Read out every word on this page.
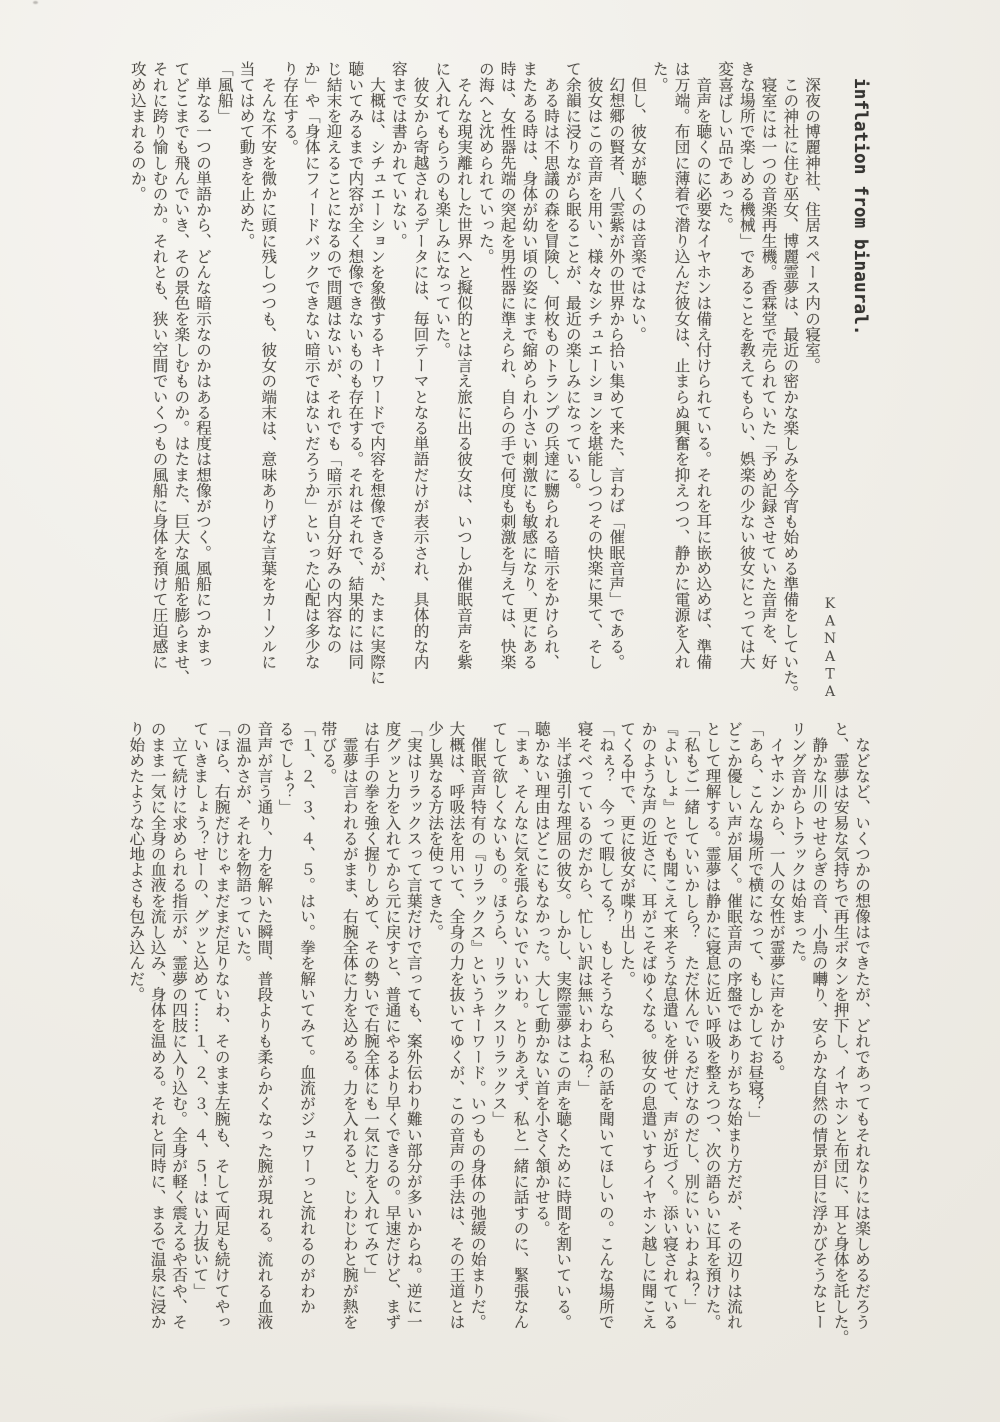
inflation from binaural.
KANATA
　深夜の博麗神社、住居スペース内の寝室。
　この神社に住む巫女、博麗霊夢は、最近の密かな楽しみを今宵も始める準備をしていた。
　寝室には一つの音楽再生機。香霖堂で売られていた「予め記録させていた音声を、好
きな場所で楽しめる機械」であることを教えてもらい、娯楽の少ない彼女にとっては大
変喜ばしい品であった。
　音声を聴くのに必要なイヤホンは備え付けられている。それを耳に嵌め込めば、準備
は万端。布団に薄着で潜り込んだ彼女は、止まらぬ興奮を抑えつつ、静かに電源を入れ
た。
　但し、彼女が聴くのは音楽ではない。
　幻想郷の賢者、八雲紫が外の世界から拾い集めて来た、言わば「催眠音声」である。
　彼女はこの音声を用い、様々なシチュエーションを堪能しつつその快楽に果て、そし
て余韻に浸りながら眠ることが、最近の楽しみになっている。
　ある時は不思議の森を冒険し、何枚ものトランプの兵達に嬲られる暗示をかけられ、
またある時は、身体が幼い頃の姿にまで縮められ小さい刺激にも敏感になり、更にある
時は、女性器先端の突起を男性器に準えられ、自らの手で何度も刺激を与えては、快楽
の海へと沈められていった。
　そんな現実離れした世界へと擬似的とは言え旅に出る彼女は、いつしか催眠音声を紫
に入れてもらうのも楽しみになっていた。
　彼女から寄越されるデータには、毎回テーマとなる単語だけが表示され、具体的な内
容までは書かれていない。
　大概は、シチュエーションを象徴するキーワードで内容を想像できるが、たまに実際に
聴いてみるまで内容が全く想像できないものも存在する。それはそれで、結果的には同
じ結末を迎えることになるので問題はないが、それでも「暗示が自分好みの内容なの
か」や「身体にフィードバックできない暗示ではないだろうか」といった心配は多少な
り存在する。
　そんな不安を微かに頭に残しつつも、彼女の端末は、意味ありげな言葉をカーソルに
当てはめて動きを止めた。
「風船」
　単なる一つの単語から、どんな暗示なのかはある程度は想像がつく。風船につかまっ
てどこまでも飛んでいき、その景色を楽しむものか。はたまた、巨大な風船を膨らませ、
それに跨り愉しむのか。それとも、狭い空間でいくつもの風船に身体を預けて圧迫感に
攻め込まれるのか。
　などなど、いくつかの想像はできたが、どれであってもそれなりには楽しめるだろう
と、霊夢は安易な気持ちで再生ボタンを押下し、イヤホンと布団に、耳と身体を託した。
　静かな川のせせらぎの音、小鳥の囀り、安らかな自然の情景が目に浮かびそうなヒー
リング音からトラックは始まった。
　イヤホンから、一人の女性が霊夢に声をかける。
「あら、こんな場所で横になって、もしかしてお昼寝？」
どこか優しい声が届く。催眠音声の序盤ではありがちな始まり方だが、その辺りは流れ
として理解する。霊夢は静かに寝息に近い呼吸を整えつつ、次の語らいに耳を預けた。
「私もご一緒していいかしら？　ただ休んでいるだけなのだし、別にいいわよね？」
『よいしょ』とでも聞こえて来そうな息遣いを併せて、声が近づく。添い寝されている
かのような声の近さに、耳がこそばゆくなる。彼女の息遣いすらイヤホン越しに聞こえ
てくる中で、更に彼女が喋り出した。
「ねぇ？　今って暇してる？　もしそうなら、私の話を聞いてほしいの。こんな場所で
寝そべっているのだから、忙しい訳は無いわよね？」
　半ば強引な理屈の彼女。しかし、実際霊夢はこの声を聴くために時間を割いている。
聴かない理由はどこにもなかった。大して動かない首を小さく頷かせる。
「まぁ、そんなに気を張らないでいいわ。とりあえず、私と一緒に話すのに、緊張なん
てして欲しくないもの。ほうら、リラックスリラックス」
　催眠音声特有の『リラックス』というキーワード。いつもの身体の弛緩の始まりだ。
大概は、呼吸法を用いて、全身の力を抜いてゆくが、この音声の手法は、その王道とは
少し異なる方法を使ってきた。
「実はリラックスって言葉だけで言っても、案外伝わり難い部分が多いからね。逆に一
度グッと力を入れてから元に戻すと、普通にやるより早くできるの。早速だけど、まず
は右手の拳を強く握りしめて、その勢いで右腕全体にも一気に力を入れてみて」
　霊夢は言われるがまま、右腕全体に力を込める。力を入れると、じわじわと腕が熱を
帯びる。
「１、２、３、４、５。はい。拳を解いてみて。血流がジュワーっと流れるのがわか
るでしょ？」
音声が言う通り、力を解いた瞬間、普段よりも柔らかくなった腕が現れる。流れる血液
の温かさが、それを物語っていた。
「ほら、右腕だけじゃまだまだ足りないわ、そのまま左腕も、そして両足も続けてやっ
ていきましょう？せーの、グッと込めて……１、２、３、４、５！はい力抜いて」
　立て続けに求められる指示が、霊夢の四肢に入り込む。全身が軽く震えるや否や、そ
のまま一気に全身の血液を流し込み、身体を温める。それと同時に、まるで温泉に浸か
り始めたような心地よさも包み込んだ。
